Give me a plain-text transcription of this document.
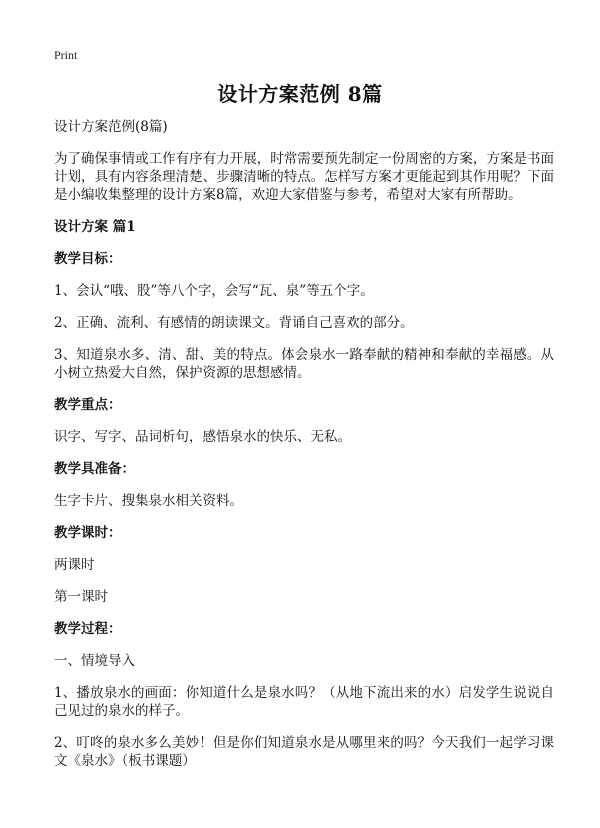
Print
设计方案范例 8篇

设计方案范例(8篇)

为了确保事情或工作有序有力开展，时常需要预先制定一份周密的方案，方案是书面计划，具有内容条理清楚、步骤清晰的特点。怎样写方案才更能起到其作用呢？下面是小编收集整理的设计方案8篇，欢迎大家借鉴与参考，希望对大家有所帮助。

设计方案 篇1

教学目标：

1、会认“哦、股”等八个字，会写“瓦、泉”等五个字。

2、正确、流利、有感情的朗读课文。背诵自己喜欢的部分。

3、知道泉水多、清、甜、美的特点。体会泉水一路奉献的精神和奉献的幸福感。从小树立热爱大自然，保护资源的思想感情。

教学重点：

识字、写字、品词析句，感悟泉水的快乐、无私。

教学具准备：

生字卡片、搜集泉水相关资料。

教学课时：

两课时

第一课时

教学过程：

一、情境导入

1、播放泉水的画面：你知道什么是泉水吗？（从地下流出来的水）启发学生说说自己见过的泉水的样子。

2、叮咚的泉水多么美妙！但是你们知道泉水是从哪里来的吗？今天我们一起学习课文《泉水》（板书课题）
